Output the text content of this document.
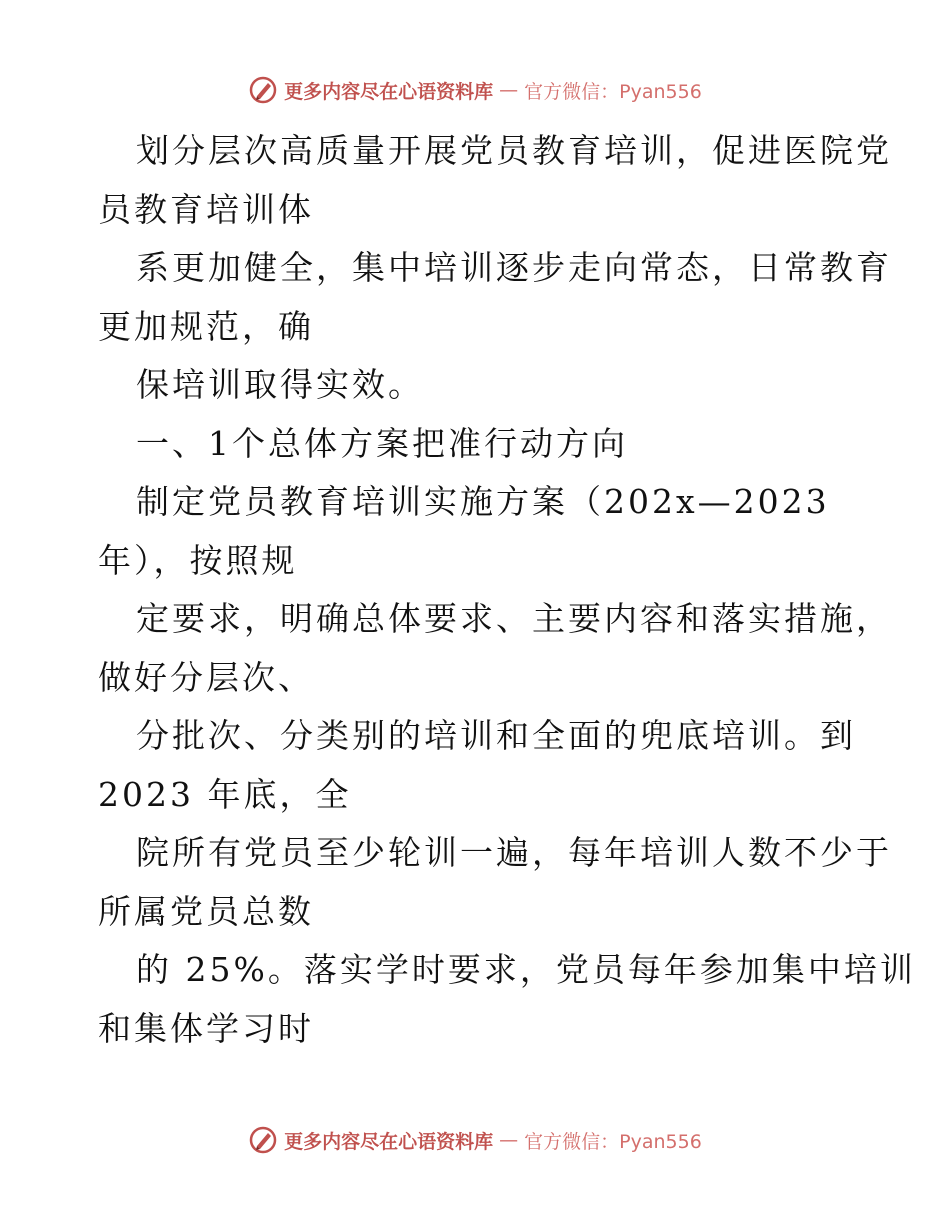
更多内容尽在心语资料库 — 官方微信：Pyan556
划分层次高质量开展党员教育培训，促进医院党
员教育培训体
系更加健全，集中培训逐步走向常态，日常教育
更加规范，确
保培训取得实效。
一、1个总体方案把准行动方向
制定党员教育培训实施方案（202x—2023
年），按照规
定要求，明确总体要求、主要内容和落实措施，
做好分层次、
分批次、分类别的培训和全面的兜底培训。到
2023 年底，全
院所有党员至少轮训一遍，每年培训人数不少于
所属党员总数
的 25%。落实学时要求，党员每年参加集中培训
和集体学习时
更多内容尽在心语资料库 — 官方微信：Pyan556
